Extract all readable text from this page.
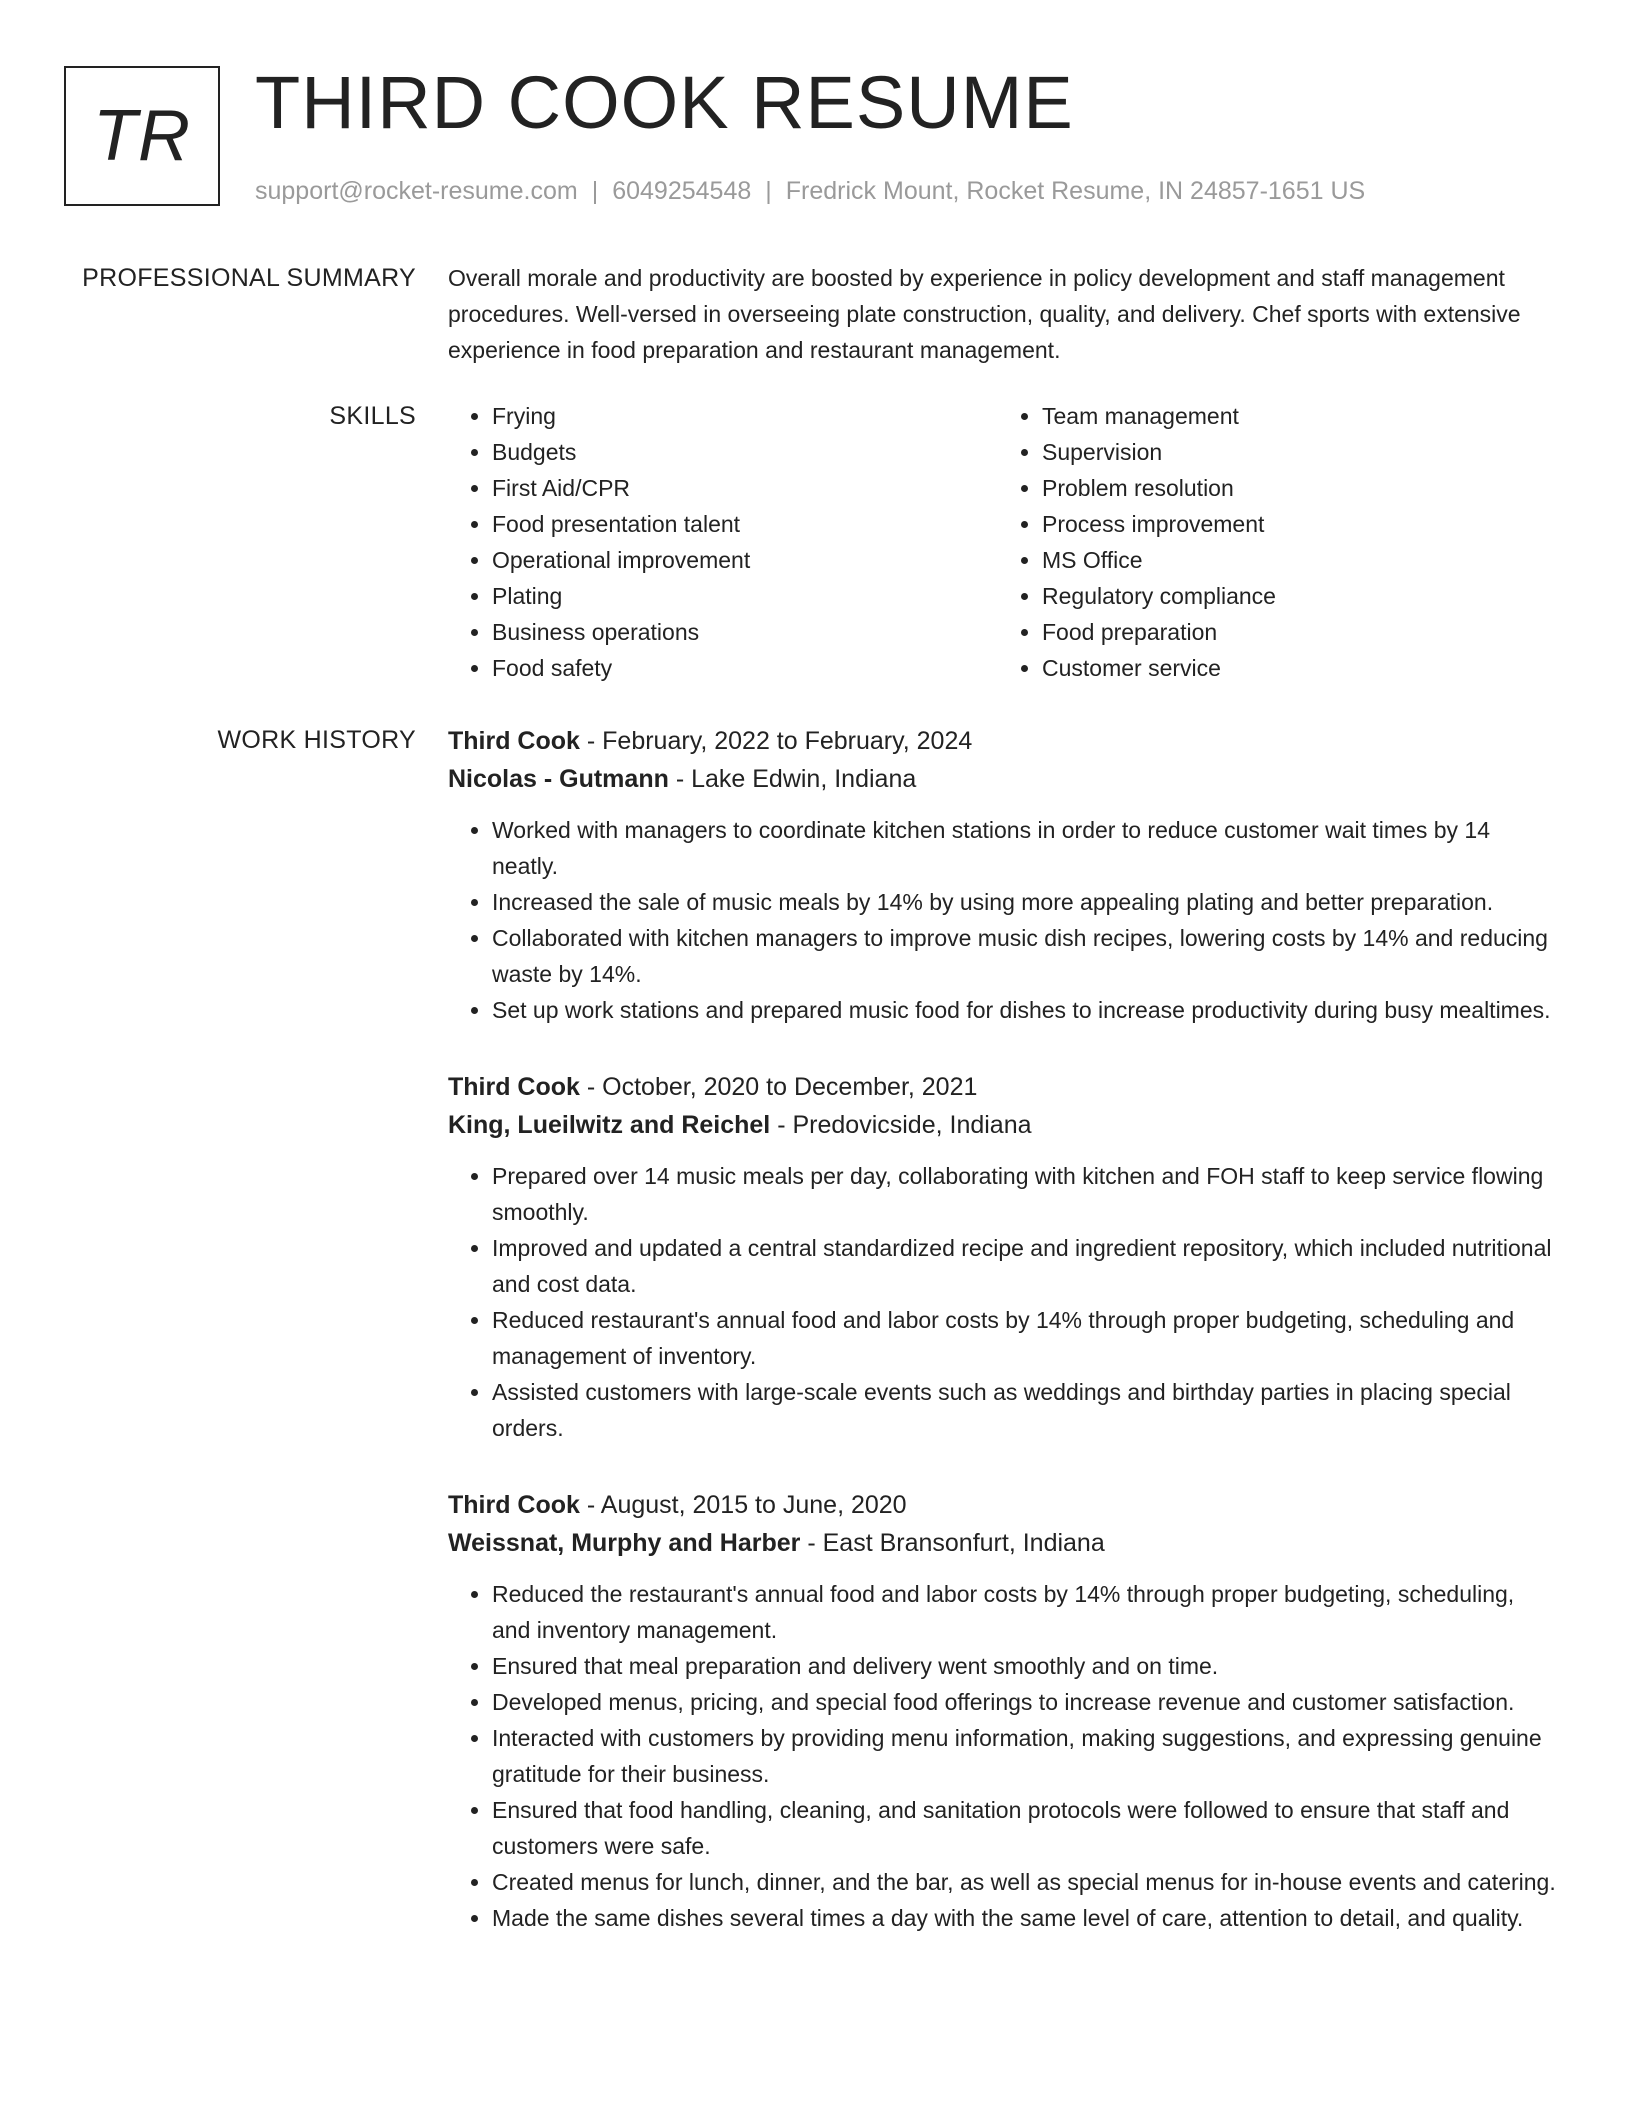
TR THIRD COOK RESUME
support@rocket-resume.com | 6049254548 | Fredrick Mount, Rocket Resume, IN 24857-1651 US
PROFESSIONAL SUMMARY Overall morale and productivity are boosted by experience in policy development and staff management procedures. Well-versed in overseeing plate construction, quality, and delivery. Chef sports with extensive experience in food preparation and restaurant management.

SKILLS
•	Frying
• Budgets
• First Aid/CPR
• Food presentation talent
• Operational improvement
• Plating
• Business operations
• Food safety
• Team management
• Supervision
• Problem resolution
• Process improvement
• MS Office
• Regulatory compliance
• Food preparation
• Customer service
WORK HISTORY Third Cook - February, 2022 to February, 2024
Nicolas - Gutmann - Lake Edwin, Indiana
• Worked with managers to coordinate kitchen stations in order to reduce customer wait times by 14 neatly.
• Increased the sale of music meals by 14% by using more appealing plating and better preparation.
• Collaborated with kitchen managers to improve music dish recipes, lowering costs by 14% and reducing waste by 14%.
• Set up work stations and prepared music food for dishes to increase productivity during busy mealtimes.
Third Cook - October, 2020 to December, 2021
King, Lueilwitz and Reichel - Predovicside, Indiana
• Prepared over 14 music meals per day, collaborating with kitchen and FOH staff to keep service flowing smoothly.
• Improved and updated a central standardized recipe and ingredient repository, which included nutritional and cost data.
• Reduced restaurant's annual food and labor costs by 14% through proper budgeting, scheduling and management of inventory.
• Assisted customers with large-scale events such as weddings and birthday parties in placing special orders.
Third Cook - August, 2015 to June, 2020
Weissnat, Murphy and Harber - East Bransonfurt, Indiana
• Reduced the restaurant's annual food and labor costs by 14% through proper budgeting, scheduling, and inventory management.
• Ensured that meal preparation and delivery went smoothly and on time.
• Developed menus, pricing, and special food offerings to increase revenue and customer satisfaction.
• Interacted with customers by providing menu information, making suggestions, and expressing genuine gratitude for their business.
• Ensured that food handling, cleaning, and sanitation protocols were followed to ensure that staff and customers were safe.
• Created menus for lunch, dinner, and the bar, as well as special menus for in-house events and catering.
• Made the same dishes several times a day with the same level of care, attention to detail, and quality.
